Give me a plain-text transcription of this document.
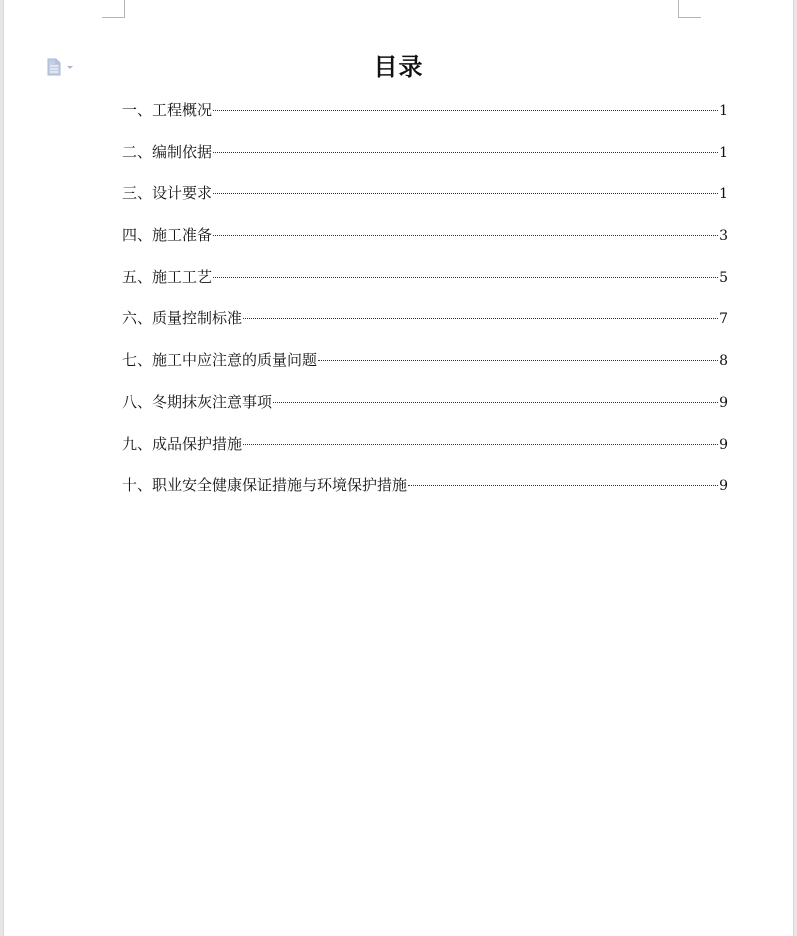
目录
一、工程概况	1
二、编制依据	1
三、设计要求	1
四、施工准备	3
五、施工工艺	5
六、质量控制标准	7
七、施工中应注意的质量问题	8
八、冬期抹灰注意事项	9
九、成品保护措施	9
十、职业安全健康保证措施与环境保护措施	9
